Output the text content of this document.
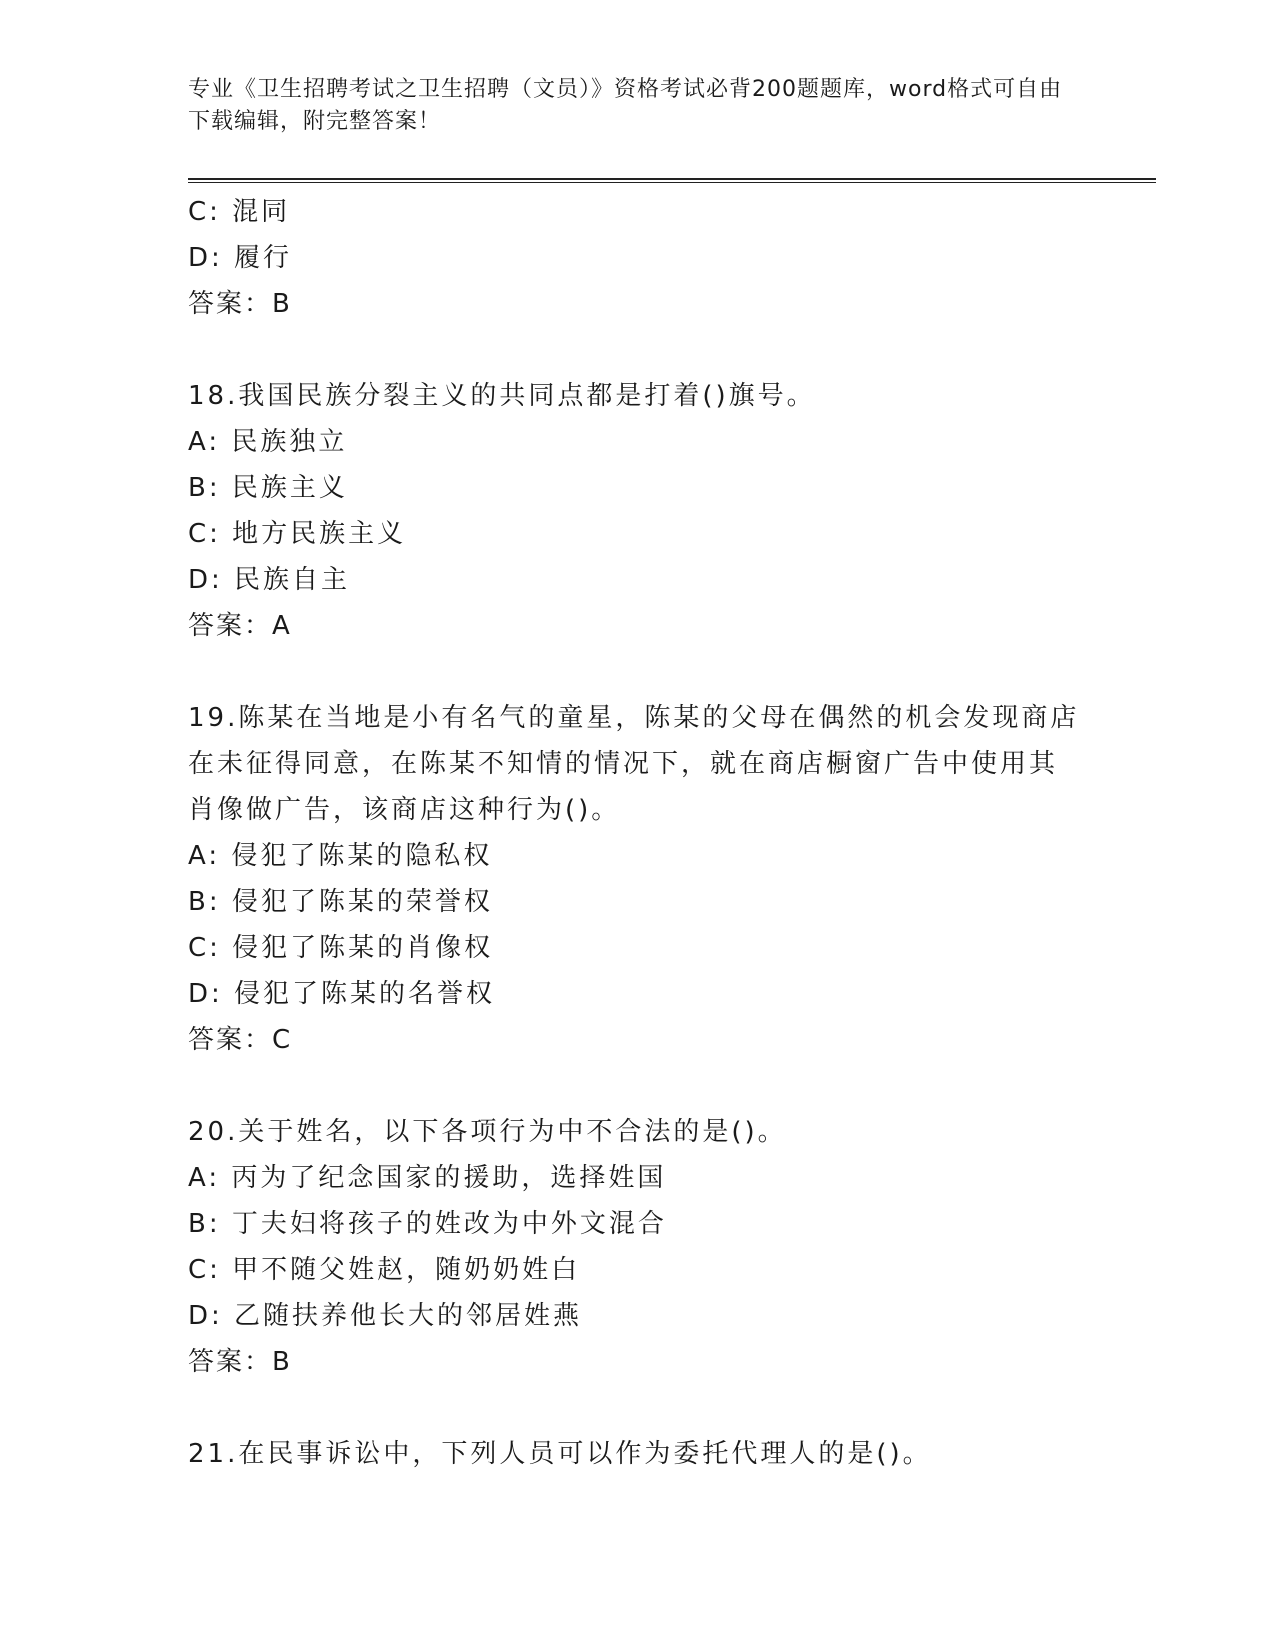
专业《卫生招聘考试之卫生招聘（文员）》资格考试必背200题题库，word格式可自由下载编辑，附完整答案！
C: 混同
D: 履行
答案：B
18.我国民族分裂主义的共同点都是打着()旗号。
A: 民族独立
B: 民族主义
C: 地方民族主义
D: 民族自主
答案：A
19.陈某在当地是小有名气的童星，陈某的父母在偶然的机会发现商店
在未征得同意，在陈某不知情的情况下，就在商店橱窗广告中使用其
肖像做广告，该商店这种行为()。
A: 侵犯了陈某的隐私权
B: 侵犯了陈某的荣誉权
C: 侵犯了陈某的肖像权
D: 侵犯了陈某的名誉权
答案：C
20.关于姓名，以下各项行为中不合法的是()。
A: 丙为了纪念国家的援助，选择姓国
B: 丁夫妇将孩子的姓改为中外文混合
C: 甲不随父姓赵，随奶奶姓白
D: 乙随扶养他长大的邻居姓燕
答案：B
21.在民事诉讼中，下列人员可以作为委托代理人的是()。
